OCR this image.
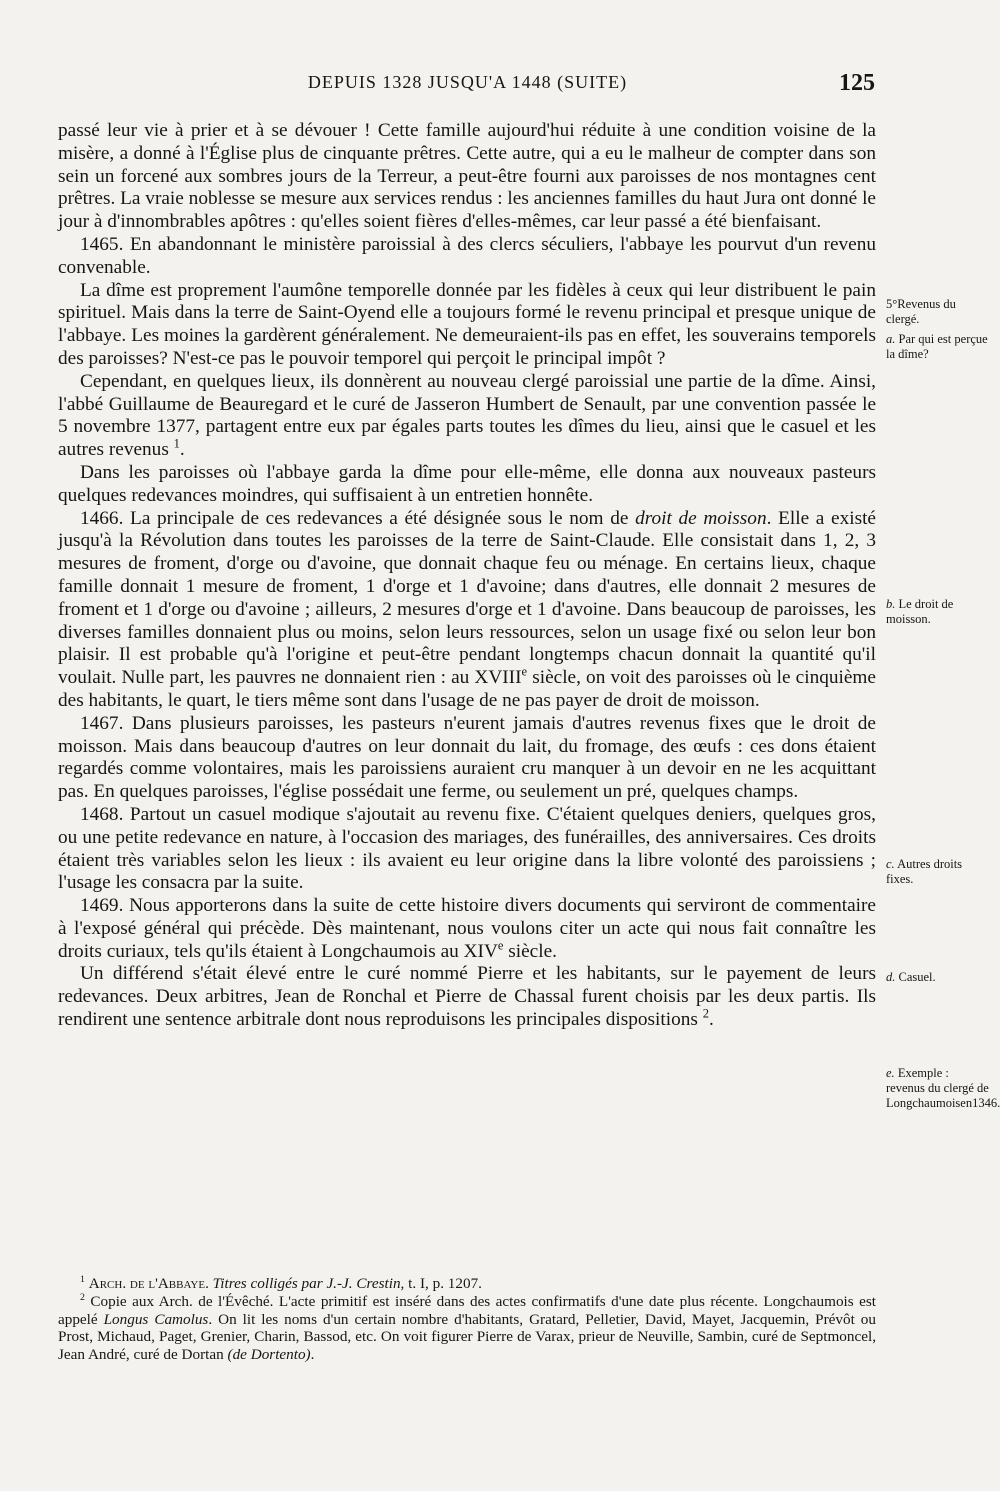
DEPUIS 1328 JUSQU'A 1448 (SUITE)	125

passé leur vie à prier et à se dévouer ! Cette famille aujourd'hui réduite à une condition voisine de la misère, a donné à l'Église plus de cinquante prêtres. Cette autre, qui a eu le malheur de compter dans son sein un forcené aux sombres jours de la Terreur, a peut-être fourni aux paroisses de nos montagnes cent prêtres. La vraie noblesse se mesure aux services rendus : les anciennes familles du haut Jura ont donné le jour à d'innombrables apôtres : qu'elles soient fières d'elles-mêmes, car leur passé a été bienfaisant.

1465. En abandonnant le ministère paroissial à des clercs séculiers, l'abbaye les pourvut d'un revenu convenable.

La dîme est proprement l'aumône temporelle donnée par les fidèles à ceux qui leur distribuent le pain spirituel. Mais dans la terre de Saint-Oyend elle a toujours formé le revenu principal et presque unique de l'abbaye. Les moines la gardèrent généralement. Ne demeuraient-ils pas en effet, les souverains temporels des paroisses? N'est-ce pas le pouvoir temporel qui perçoit le principal impôt ?

Cependant, en quelques lieux, ils donnèrent au nouveau clergé paroissial une partie de la dîme. Ainsi, l'abbé Guillaume de Beauregard et le curé de Jasseron Humbert de Senault, par une convention passée le 5 novembre 1377, partagent entre eux par égales parts toutes les dîmes du lieu, ainsi que le casuel et les autres revenus $^1$.

Dans les paroisses où l'abbaye garda la dîme pour elle-même, elle donna aux nouveaux pasteurs quelques redevances moindres, qui suffisaient à un entretien honnête.

1466. La principale de ces redevances a été désignée sous le nom de droit de moisson. Elle a existé jusqu'à la Révolution dans toutes les paroisses de la terre de Saint-Claude. Elle consistait dans 1, 2, 3 mesures de froment, d'orge ou d'avoine, que donnait chaque feu ou ménage. En certains lieux, chaque famille donnait 1 mesure de froment, 1 d'orge et 1 d'avoine; dans d'autres, elle donnait 2 mesures de froment et 1 d'orge ou d'avoine ; ailleurs, 2 mesures d'orge et 1 d'avoine. Dans beaucoup de paroisses, les diverses familles donnaient plus ou moins, selon leurs ressources, selon un usage fixé ou selon leur bon plaisir. Il est probable qu'à l'origine et peut-être pendant longtemps chacun donnait la quantité qu'il voulait. Nulle part, les pauvres ne donnaient rien : au XVIIIe siècle, on voit des paroisses où le cinquième des habitants, le quart, le tiers même sont dans l'usage de ne pas payer de droit de moisson.

1467. Dans plusieurs paroisses, les pasteurs n'eurent jamais d'autres revenus fixes que le droit de moisson. Mais dans beaucoup d'autres on leur donnait du lait, du fromage, des œufs : ces dons étaient regardés comme volontaires, mais les paroissiens auraient cru manquer à un devoir en ne les acquittant pas. En quelques paroisses, l'église possédait une ferme, ou seulement un pré, quelques champs.

1468. Partout un casuel modique s'ajoutait au revenu fixe. C'étaient quelques deniers, quelques gros, ou une petite redevance en nature, à l'occasion des mariages, des funérailles, des anniversaires. Ces droits étaient très variables selon les lieux : ils avaient eu leur origine dans la libre volonté des paroissiens ; l'usage les consacra par la suite.

1469. Nous apporterons dans la suite de cette histoire divers documents qui serviront de commentaire à l'exposé général qui précède. Dès maintenant, nous voulons citer un acte qui nous fait connaître les droits curiaux, tels qu'ils étaient à Longchaumois au XIVe siècle.

Un différend s'était élevé entre le curé nommé Pierre et les habitants, sur le payement de leurs redevances. Deux arbitres, Jean de Ronchal et Pierre de Chassal furent choisis par les deux partis. Ils rendirent une sentence arbitrale dont nous reproduisons les principales dispositions $^2$.

5°Revenus du clergé.
a. Par qui est perçue la dîme?
b. Le droit de moisson.
c. Autres droits fixes.
d. Casuel.
e. Exemple : revenus du clergé de Longchaumoisen1346.

$^1$ Arch. de l'Abbaye. Titres colligés par J.-J. Crestin, t. I, p. 1207.

$^2$ Copie aux Arch. de l'Évêché. L'acte primitif est inséré dans des actes confirmatifs d'une date plus récente. Longchaumois est appelé Longus Camolus. On lit les noms d'un certain nombre d'habitants, Gratard, Pelletier, David, Mayet, Jacquemin, Prévôt ou Prost, Michaud, Paget, Grenier, Charin, Bassod, etc. On voit figurer Pierre de Varax, prieur de Neuville, Sambin, curé de Septmoncel, Jean André, curé de Dortan (de Dortento).
